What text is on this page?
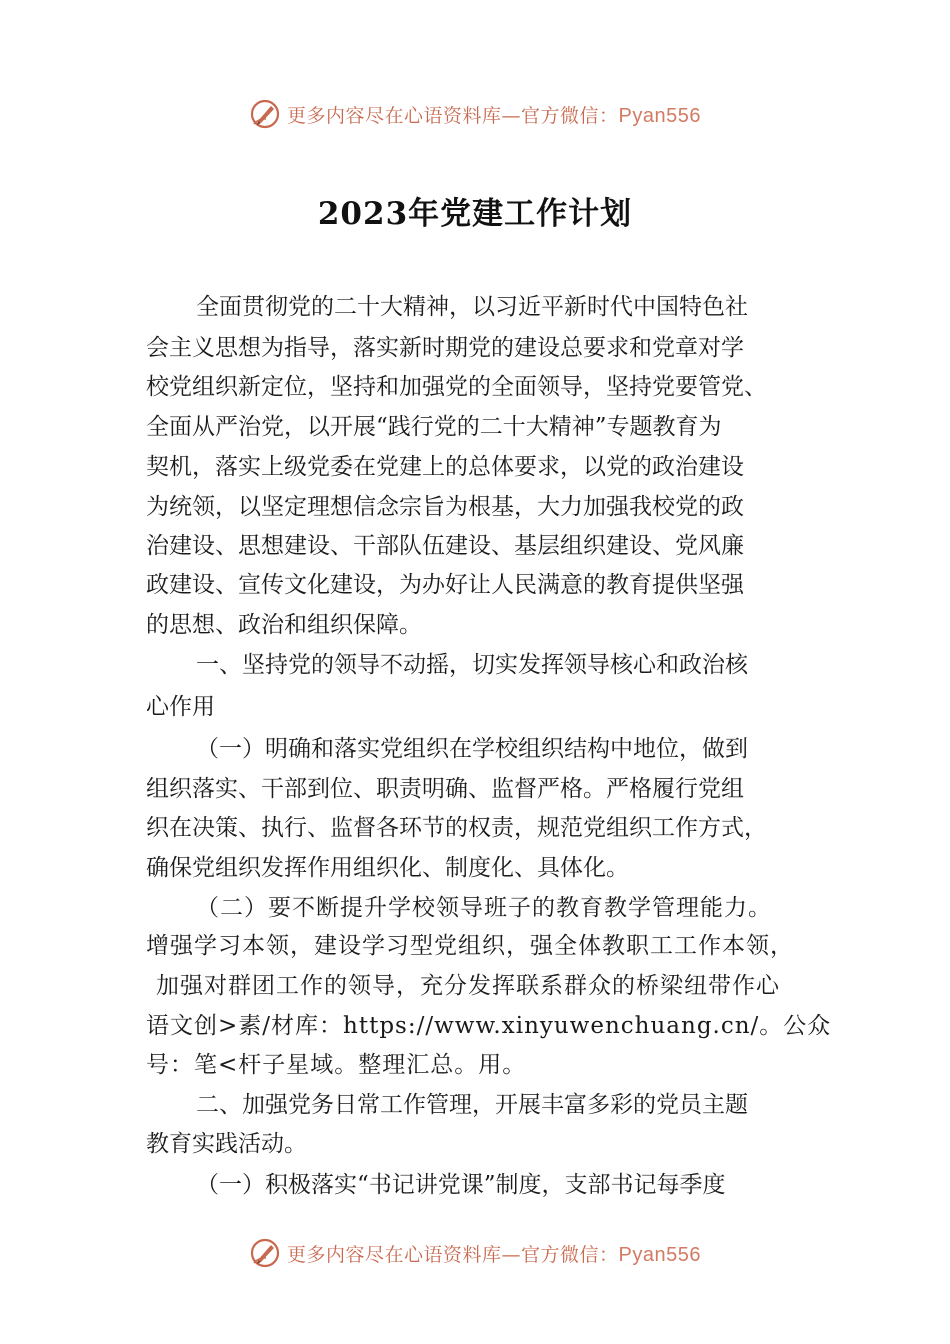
更多内容尽在心语资料库—官方微信：Pyan556
2023年党建工作计划
全面贯彻党的二十大精神，以习近平新时代中国特色社
会主义思想为指导，落实新时期党的建设总要求和党章对学
校党组织新定位，坚持和加强党的全面领导，坚持党要管党、
全面从严治党，以开展“践行党的二十大精神”专题教育为
契机，落实上级党委在党建上的总体要求，以党的政治建设
为统领，以坚定理想信念宗旨为根基，大力加强我校党的政
治建设、思想建设、干部队伍建设、基层组织建设、党风廉
政建设、宣传文化建设，为办好让人民满意的教育提供坚强
的思想、政治和组织保障。
一、坚持党的领导不动摇，切实发挥领导核心和政治核
心作用
（一）明确和落实党组织在学校组织结构中地位，做到
组织落实、干部到位、职责明确、监督严格。严格履行党组
织在决策、执行、监督各环节的权责，规范党组织工作方式，
确保党组织发挥作用组织化、制度化、具体化。
（二）要不断提升学校领导班子的教育教学管理能力。
增强学习本领，建设学习型党组织，强全体教职工工作本领，
加强对群团工作的领导，充分发挥联系群众的桥梁纽带作心
语文创>素/材库：https://www.xinyuwenchuang.cn/。公众
号：笔<杆子星域。整理汇总。用。
二、加强党务日常工作管理，开展丰富多彩的党员主题
教育实践活动。
（一）积极落实“书记讲党课”制度，支部书记每季度
更多内容尽在心语资料库—官方微信：Pyan556
